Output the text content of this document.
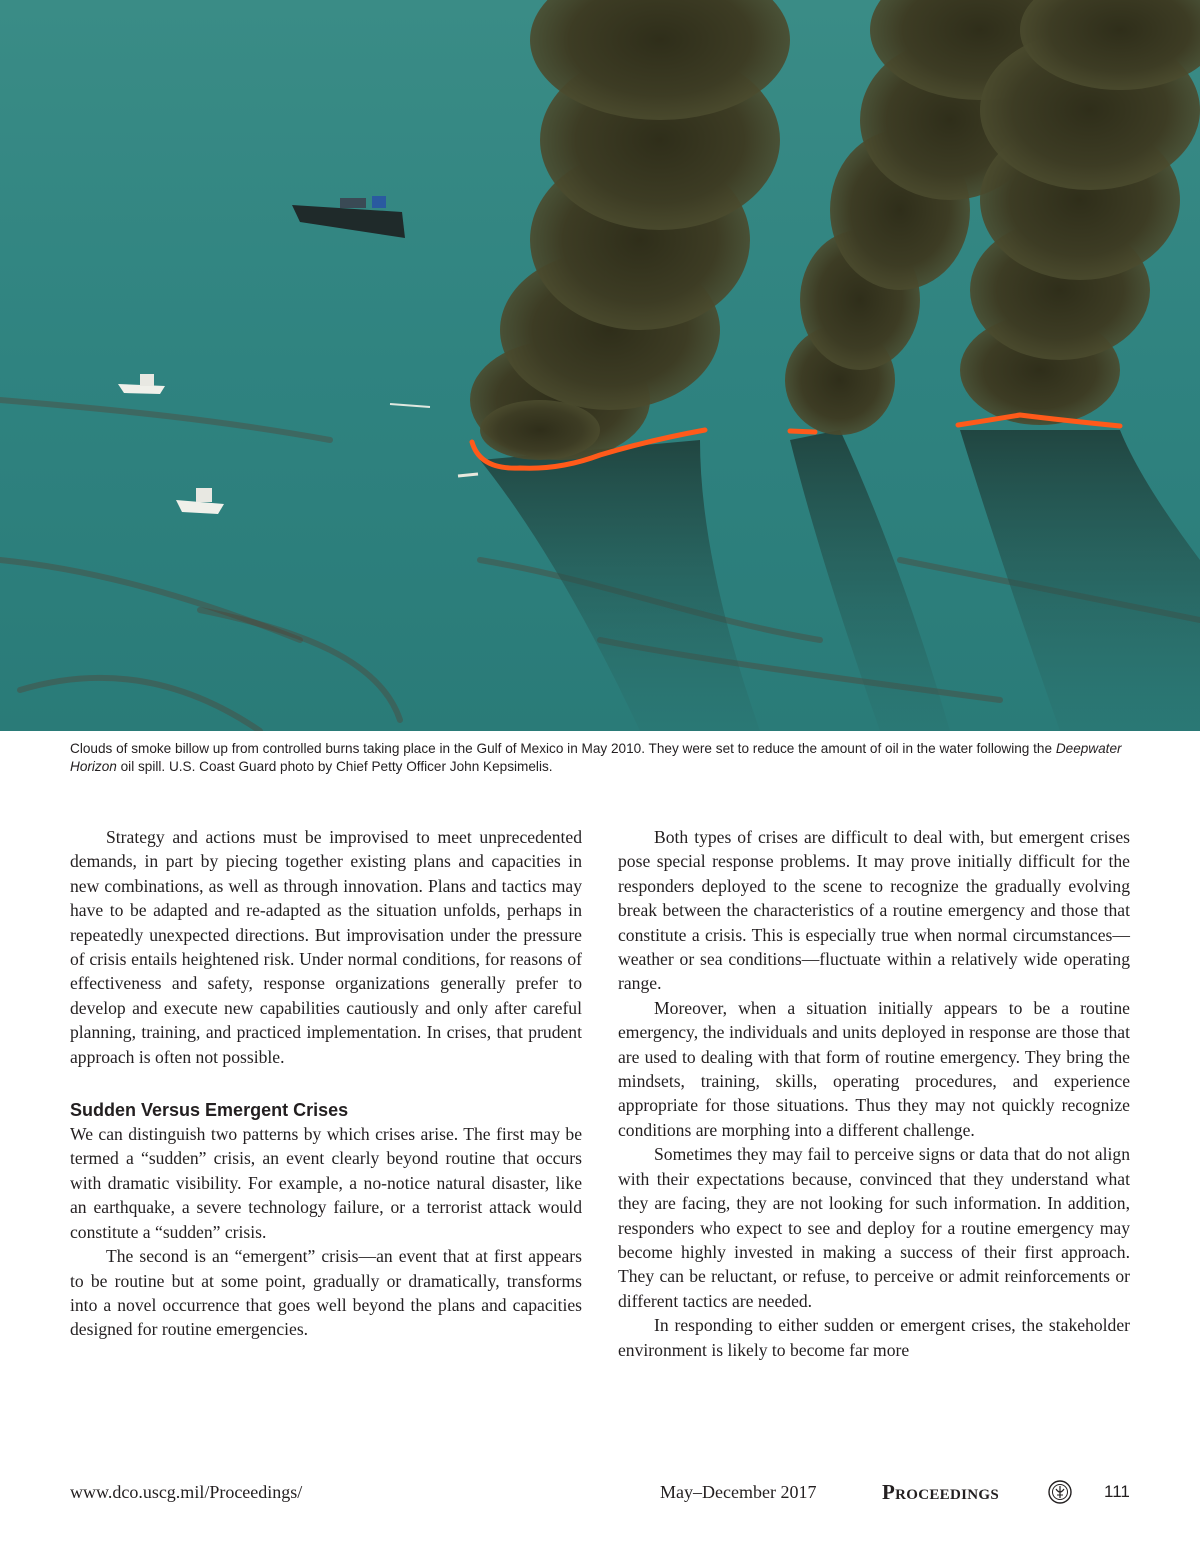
Clouds of smoke billow up from controlled burns taking place in the Gulf of Mexico in May 2010. They were set to reduce the amount of oil in the water following the Deepwater Horizon oil spill. U.S. Coast Guard photo by Chief Petty Officer John Kepsimelis.

Strategy and actions must be improvised to meet unprecedented demands, in part by piecing together existing plans and capacities in new combinations, as well as through innovation. Plans and tactics may have to be adapted and re-adapted as the situation unfolds, perhaps in repeatedly unexpected directions. But improvisation under the pressure of crisis entails heightened risk. Under normal conditions, for reasons of effectiveness and safety, response organizations generally prefer to develop and execute new capabilities cautiously and only after careful planning, training, and practiced implementation. In crises, that prudent approach is often not possible.

Sudden Versus Emergent Crises

We can distinguish two patterns by which crises arise. The first may be termed a “sudden” crisis, an event clearly beyond routine that occurs with dramatic visibility. For example, a no-notice natural disaster, like an earthquake, a severe technology failure, or a terrorist attack would constitute a “sudden” crisis.

The second is an “emergent” crisis—an event that at first appears to be routine but at some point, gradually or dramatically, transforms into a novel occurrence that goes well beyond the plans and capacities designed for routine emergencies.

Both types of crises are difficult to deal with, but emergent crises pose special response problems. It may prove initially difficult for the responders deployed to the scene to recognize the gradually evolving break between the characteristics of a routine emergency and those that constitute a crisis. This is especially true when normal circumstances—weather or sea conditions—fluctuate within a relatively wide operating range.

Moreover, when a situation initially appears to be a routine emergency, the individuals and units deployed in response are those that are used to dealing with that form of routine emergency. They bring the mindsets, training, skills, operating procedures, and experience appropriate for those situations. Thus they may not quickly recognize conditions are morphing into a different challenge.

Sometimes they may fail to perceive signs or data that do not align with their expectations because, convinced that they understand what they are facing, they are not looking for such information. In addition, responders who expect to see and deploy for a routine emergency may become highly invested in making a success of their first approach. They can be reluctant, or refuse, to perceive or admit reinforcements or different tactics are needed.

In responding to either sudden or emergent crises, the stakeholder environment is likely to become far more

www.dco.uscg.mil/Proceedings/	May–December 2017	Proceedings	111
